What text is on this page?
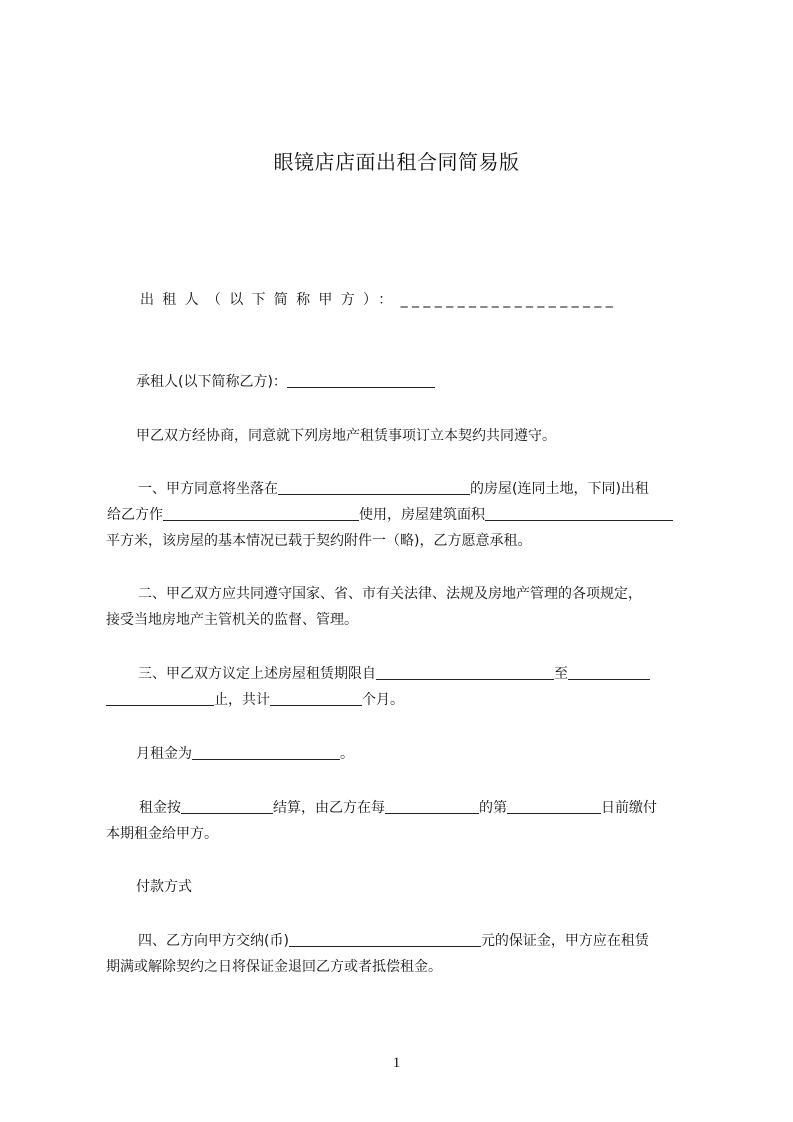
眼镜店店面出租合同简易版
出租人（以下简称甲方）：___________________
承租人(以下简称乙方)：
甲乙双方经协商，同意就下列房地产租赁事项订立本契约共同遵守。
一、甲方同意将坐落在	的房屋(连同土地，下同)出租
给乙方作	使用，房屋建筑面积
平方米，该房屋的基本情况已载于契约附件一（略)，乙方愿意承租。
二、甲乙双方应共同遵守国家、省、市有关法律、法规及房地产管理的各项规定，
接受当地房地产主管机关的监督、管理。
三、甲乙双方议定上述房屋租赁期限自	至
止，共计	个月。
月租金为	。
租金按	结算，由乙方在每	的第	日前缴付
本期租金给甲方。
付款方式
四、乙方向甲方交纳(币)	元的保证金，甲方应在租赁
期满或解除契约之日将保证金退回乙方或者抵偿租金。
1
